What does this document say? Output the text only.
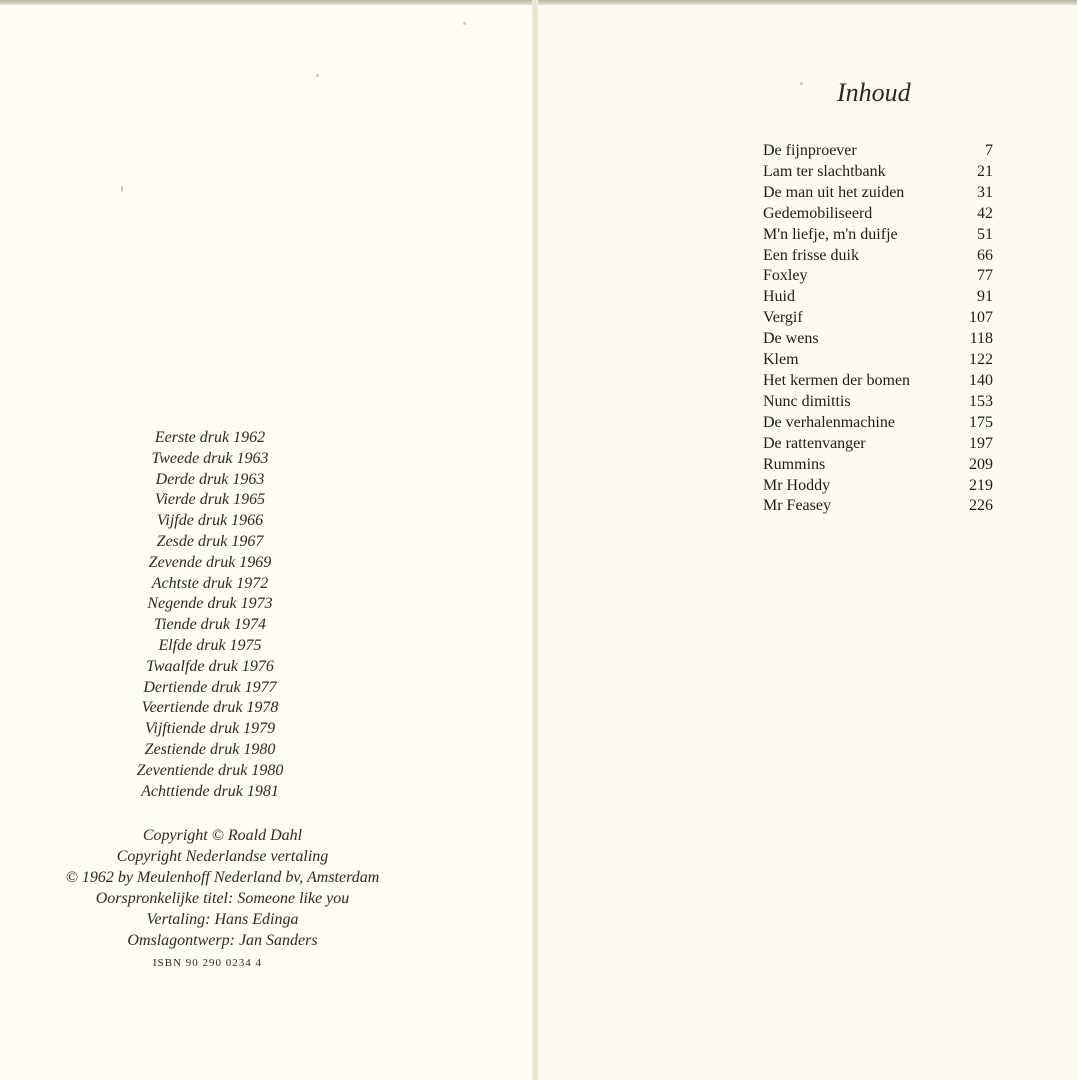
Eerste druk 1962
Tweede druk 1963
Derde druk 1963
Vierde druk 1965
Vijfde druk 1966
Zesde druk 1967
Zevende druk 1969
Achtste druk 1972
Negende druk 1973
Tiende druk 1974
Elfde druk 1975
Twaalfde druk 1976
Dertiende druk 1977
Veertiende druk 1978
Vijftiende druk 1979
Zestiende druk 1980
Zeventiende druk 1980
Achttiende druk 1981
Copyright © Roald Dahl
Copyright Nederlandse vertaling
© 1962 by Meulenhoff Nederland bv, Amsterdam
Oorspronkelijke titel: Someone like you
Vertaling: Hans Edinga
Omslagontwerp: Jan Sanders
ISBN 90 290 0234 4
Inhoud
De fijnproever	7
Lam ter slachtbank	21
De man uit het zuiden	31
Gedemobiliseerd	42
M'n liefje, m'n duifje	51
Een frisse duik	66
Foxley	77
Huid	91
Vergif	107
De wens	118
Klem	122
Het kermen der bomen	140
Nunc dimittis	153
De verhalenmachine	175
De rattenvanger	197
Rummins	209
Mr Hoddy	219
Mr Feasey	226
